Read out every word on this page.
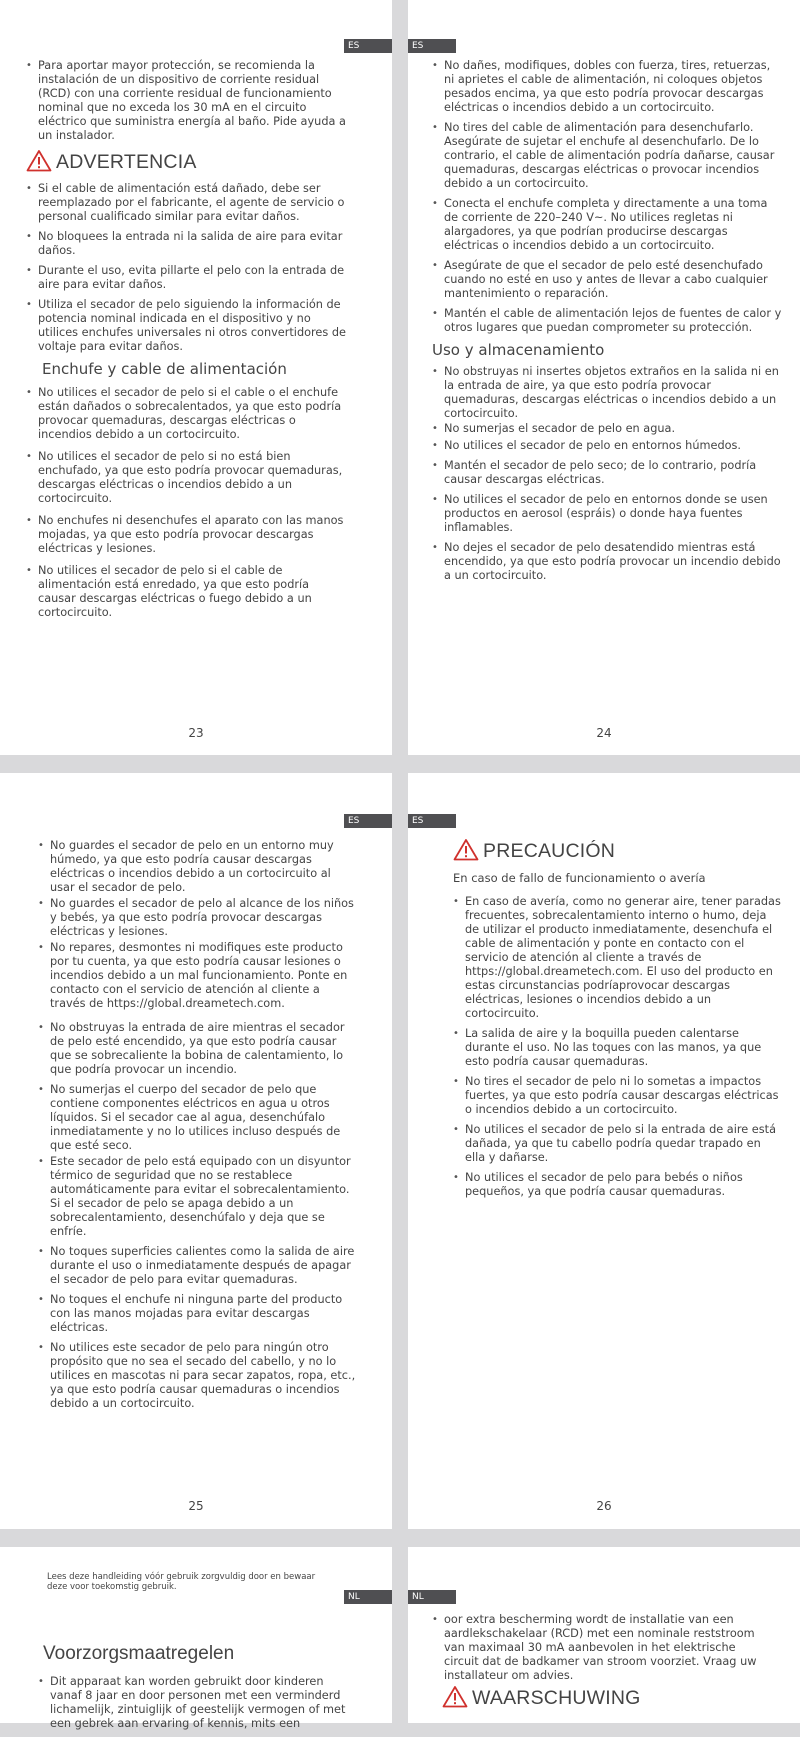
ES
• Para aportar mayor protección, se recomienda la instalación de un dispositivo de corriente residual (RCD) con una corriente residual de funcionamiento nominal que no exceda los 30 mA en el circuito eléctrico que suministra energía al baño. Pide ayuda a un instalador.
ADVERTENCIA
• Si el cable de alimentación está dañado, debe ser reemplazado por el fabricante, el agente de servicio o personal cualificado similar para evitar daños.
• No bloquees la entrada ni la salida de aire para evitar daños.
• Durante el uso, evita pillarte el pelo con la entrada de aire para evitar daños.
• Utiliza el secador de pelo siguiendo la información de potencia nominal indicada en el dispositivo y no utilices enchufes universales ni otros convertidores de voltaje para evitar daños.
Enchufe y cable de alimentación
• No utilices el secador de pelo si el cable o el enchufe están dañados o sobrecalentados, ya que esto podría provocar quemaduras, descargas eléctricas o incendios debido a un cortocircuito.
• No utilices el secador de pelo si no está bien enchufado, ya que esto podría provocar quemaduras, descargas eléctricas o incendios debido a un cortocircuito.
• No enchufes ni desenchufes el aparato con las manos mojadas, ya que esto podría provocar descargas eléctricas y lesiones.
• No utilices el secador de pelo si el cable de alimentación está enredado, ya que esto podría causar descargas eléctricas o fuego debido a un cortocircuito.
23
ES
• No dañes, modifiques, dobles con fuerza, tires, retuerzas, ni aprietes el cable de alimentación, ni coloques objetos pesados encima, ya que esto podría provocar descargas eléctricas o incendios debido a un cortocircuito.
• No tires del cable de alimentación para desenchufarlo. Asegúrate de sujetar el enchufe al desenchufarlo. De lo contrario, el cable de alimentación podría dañarse, causar quemaduras, descargas eléctricas o provocar incendios debido a un cortocircuito.
• Conecta el enchufe completa y directamente a una toma de corriente de 220–240 V~. No utilices regletas ni alargadores, ya que podrían producirse descargas eléctricas o incendios debido a un cortocircuito.
• Asegúrate de que el secador de pelo esté desenchufado cuando no esté en uso y antes de llevar a cabo cualquier mantenimiento o reparación.
• Mantén el cable de alimentación lejos de fuentes de calor y otros lugares que puedan comprometer su protección.
Uso y almacenamiento
• No obstruyas ni insertes objetos extraños en la salida ni en la entrada de aire, ya que esto podría provocar quemaduras, descargas eléctricas o incendios debido a un cortocircuito.
• No sumerjas el secador de pelo en agua.
• No utilices el secador de pelo en entornos húmedos.
• Mantén el secador de pelo seco; de lo contrario, podría causar descargas eléctricas.
• No utilices el secador de pelo en entornos donde se usen productos en aerosol (espráis) o donde haya fuentes inflamables.
• No dejes el secador de pelo desatendido mientras está encendido, ya que esto podría provocar un incendio debido a un cortocircuito.
24
ES
• No guardes el secador de pelo en un entorno muy húmedo, ya que esto podría causar descargas eléctricas o incendios debido a un cortocircuito al usar el secador de pelo.
• No guardes el secador de pelo al alcance de los niños y bebés, ya que esto podría provocar descargas eléctricas y lesiones.
• No repares, desmontes ni modifiques este producto por tu cuenta, ya que esto podría causar lesiones o incendios debido a un mal funcionamiento. Ponte en contacto con el servicio de atención al cliente a través de https://global.dreametech.com.
• No obstruyas la entrada de aire mientras el secador de pelo esté encendido, ya que esto podría causar que se sobrecaliente la bobina de calentamiento, lo que podría provocar un incendio.
• No sumerjas el cuerpo del secador de pelo que contiene componentes eléctricos en agua u otros líquidos. Si el secador cae al agua, desenchúfalo inmediatamente y no lo utilices incluso después de que esté seco.
• Este secador de pelo está equipado con un disyuntor térmico de seguridad que no se restablece automáticamente para evitar el sobrecalentamiento. Si el secador de pelo se apaga debido a un sobrecalentamiento, desenchúfalo y deja que se enfríe.
• No toques superficies calientes como la salida de aire durante el uso o inmediatamente después de apagar el secador de pelo para evitar quemaduras.
• No toques el enchufe ni ninguna parte del producto con las manos mojadas para evitar descargas eléctricas.
• No utilices este secador de pelo para ningún otro propósito que no sea el secado del cabello, y no lo utilices en mascotas ni para secar zapatos, ropa, etc., ya que esto podría causar quemaduras o incendios debido a un cortocircuito.
25
ES
PRECAUCIÓN
En caso de fallo de funcionamiento o avería
• En caso de avería, como no generar aire, tener paradas frecuentes, sobrecalentamiento interno o humo, deja de utilizar el producto inmediatamente, desenchufa el cable de alimentación y ponte en contacto con el servicio de atención al cliente a través de https://global.dreametech.com. El uso del producto en estas circunstancias podríaprovocar descargas eléctricas, lesiones o incendios debido a un cortocircuito.
• La salida de aire y la boquilla pueden calentarse durante el uso. No las toques con las manos, ya que esto podría causar quemaduras.
• No tires el secador de pelo ni lo sometas a impactos fuertes, ya que esto podría causar descargas eléctricas o incendios debido a un cortocircuito.
• No utilices el secador de pelo si la entrada de aire está dañada, ya que tu cabello podría quedar trapado en ella y dañarse.
• No utilices el secador de pelo para bebés o niños pequeños, ya que podría causar quemaduras.
26
Lees deze handleiding vóór gebruik zorgvuldig door en bewaar deze voor toekomstig gebruik.
NL
Voorzorgsmaatregelen
• Dit apparaat kan worden gebruikt door kinderen vanaf 8 jaar en door personen met een verminderd lichamelijk, zintuiglijk of geestelijk vermogen of met een gebrek aan ervaring of kennis, mits een
NL
• oor extra bescherming wordt de installatie van een aardlekschakelaar (RCD) met een nominale reststroom van maximaal 30 mA aanbevolen in het elektrische circuit dat de badkamer van stroom voorziet. Vraag uw installateur om advies.
WAARSCHUWING
